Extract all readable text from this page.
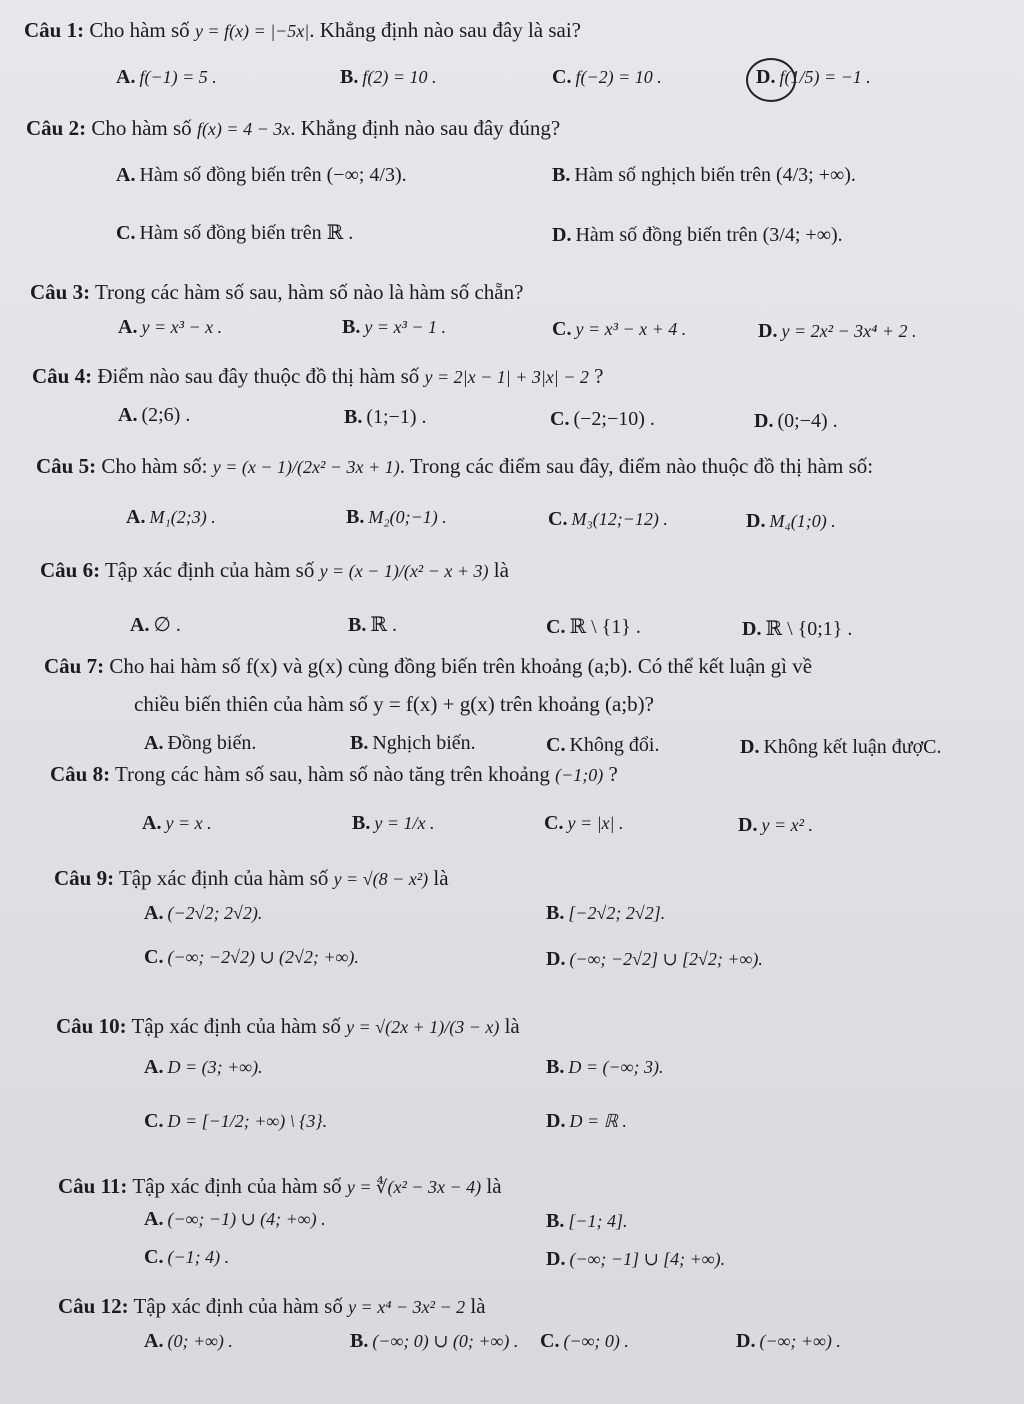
Câu 1: Cho hàm số y = f(x) = |−5x|. Khẳng định nào sau đây là sai?
A. f(−1) = 5 .	B. f(2) = 10 .	C. f(−2) = 10 .	D. f(1/5) = −1 .
Câu 2: Cho hàm số f(x) = 4 − 3x. Khẳng định nào sau đây đúng?
A. Hàm số đồng biến trên (−∞; 4/3).	B. Hàm số nghịch biến trên (4/3; +∞).
C. Hàm số đồng biến trên ℝ .	D. Hàm số đồng biến trên (3/4; +∞).
Câu 3: Trong các hàm số sau, hàm số nào là hàm số chẵn?
A. y = x³ − x .	B. y = x³ − 1 .	C. y = x³ − x + 4 .	D. y = 2x² − 3x⁴ + 2 .
Câu 4: Điểm nào sau đây thuộc đồ thị hàm số y = 2|x − 1| + 3|x| − 2 ?
A. (2;6) .	B. (1;−1) .	C. (−2;−10) .	D. (0;−4) .
Câu 5: Cho hàm số: y = (x − 1)/(2x² − 3x + 1). Trong các điểm sau đây, điểm nào thuộc đồ thị hàm số:
A. M₁(2;3) .	B. M₂(0;−1) .	C. M₃(12;−12) .	D. M₄(1;0) .
Câu 6: Tập xác định của hàm số y = (x − 1)/(x² − x + 3) là
A. ∅ .	B. ℝ .	C. ℝ \ {1} .	D. ℝ \ {0;1} .
Câu 7: Cho hai hàm số f(x) và g(x) cùng đồng biến trên khoảng (a;b). Có thể kết luận gì về
chiều biến thiên của hàm số y = f(x) + g(x) trên khoảng (a;b)?
A. Đồng biến.	B. Nghịch biến.	C. Không đổi.	D. Không kết luận đượC.
Câu 8: Trong các hàm số sau, hàm số nào tăng trên khoảng (−1;0) ?
A. y = x .	B. y = 1/x .	C. y = |x| .	D. y = x² .
Câu 9: Tập xác định của hàm số y = √(8 − x²) là
A. (−2√2; 2√2).	B. [−2√2; 2√2].
C. (−∞; −2√2) ∪ (2√2; +∞).	D. (−∞; −2√2] ∪ [2√2; +∞).
Câu 10: Tập xác định của hàm số y = √(2x + 1)/(3 − x) là
A. D = (3; +∞).	B. D = (−∞; 3).
C. D = [−1/2; +∞) \ {3}.	D. D = ℝ .
Câu 11: Tập xác định của hàm số y = ∜(x² − 3x − 4) là
A. (−∞; −1) ∪ (4; +∞) .	B. [−1; 4].
C. (−1; 4) .	D. (−∞; −1] ∪ [4; +∞).
Câu 12: Tập xác định của hàm số y = x⁴ − 3x² − 2 là
A. (0; +∞) .	B. (−∞; 0) ∪ (0; +∞) . C. (−∞; 0) .	D. (−∞; +∞) .
